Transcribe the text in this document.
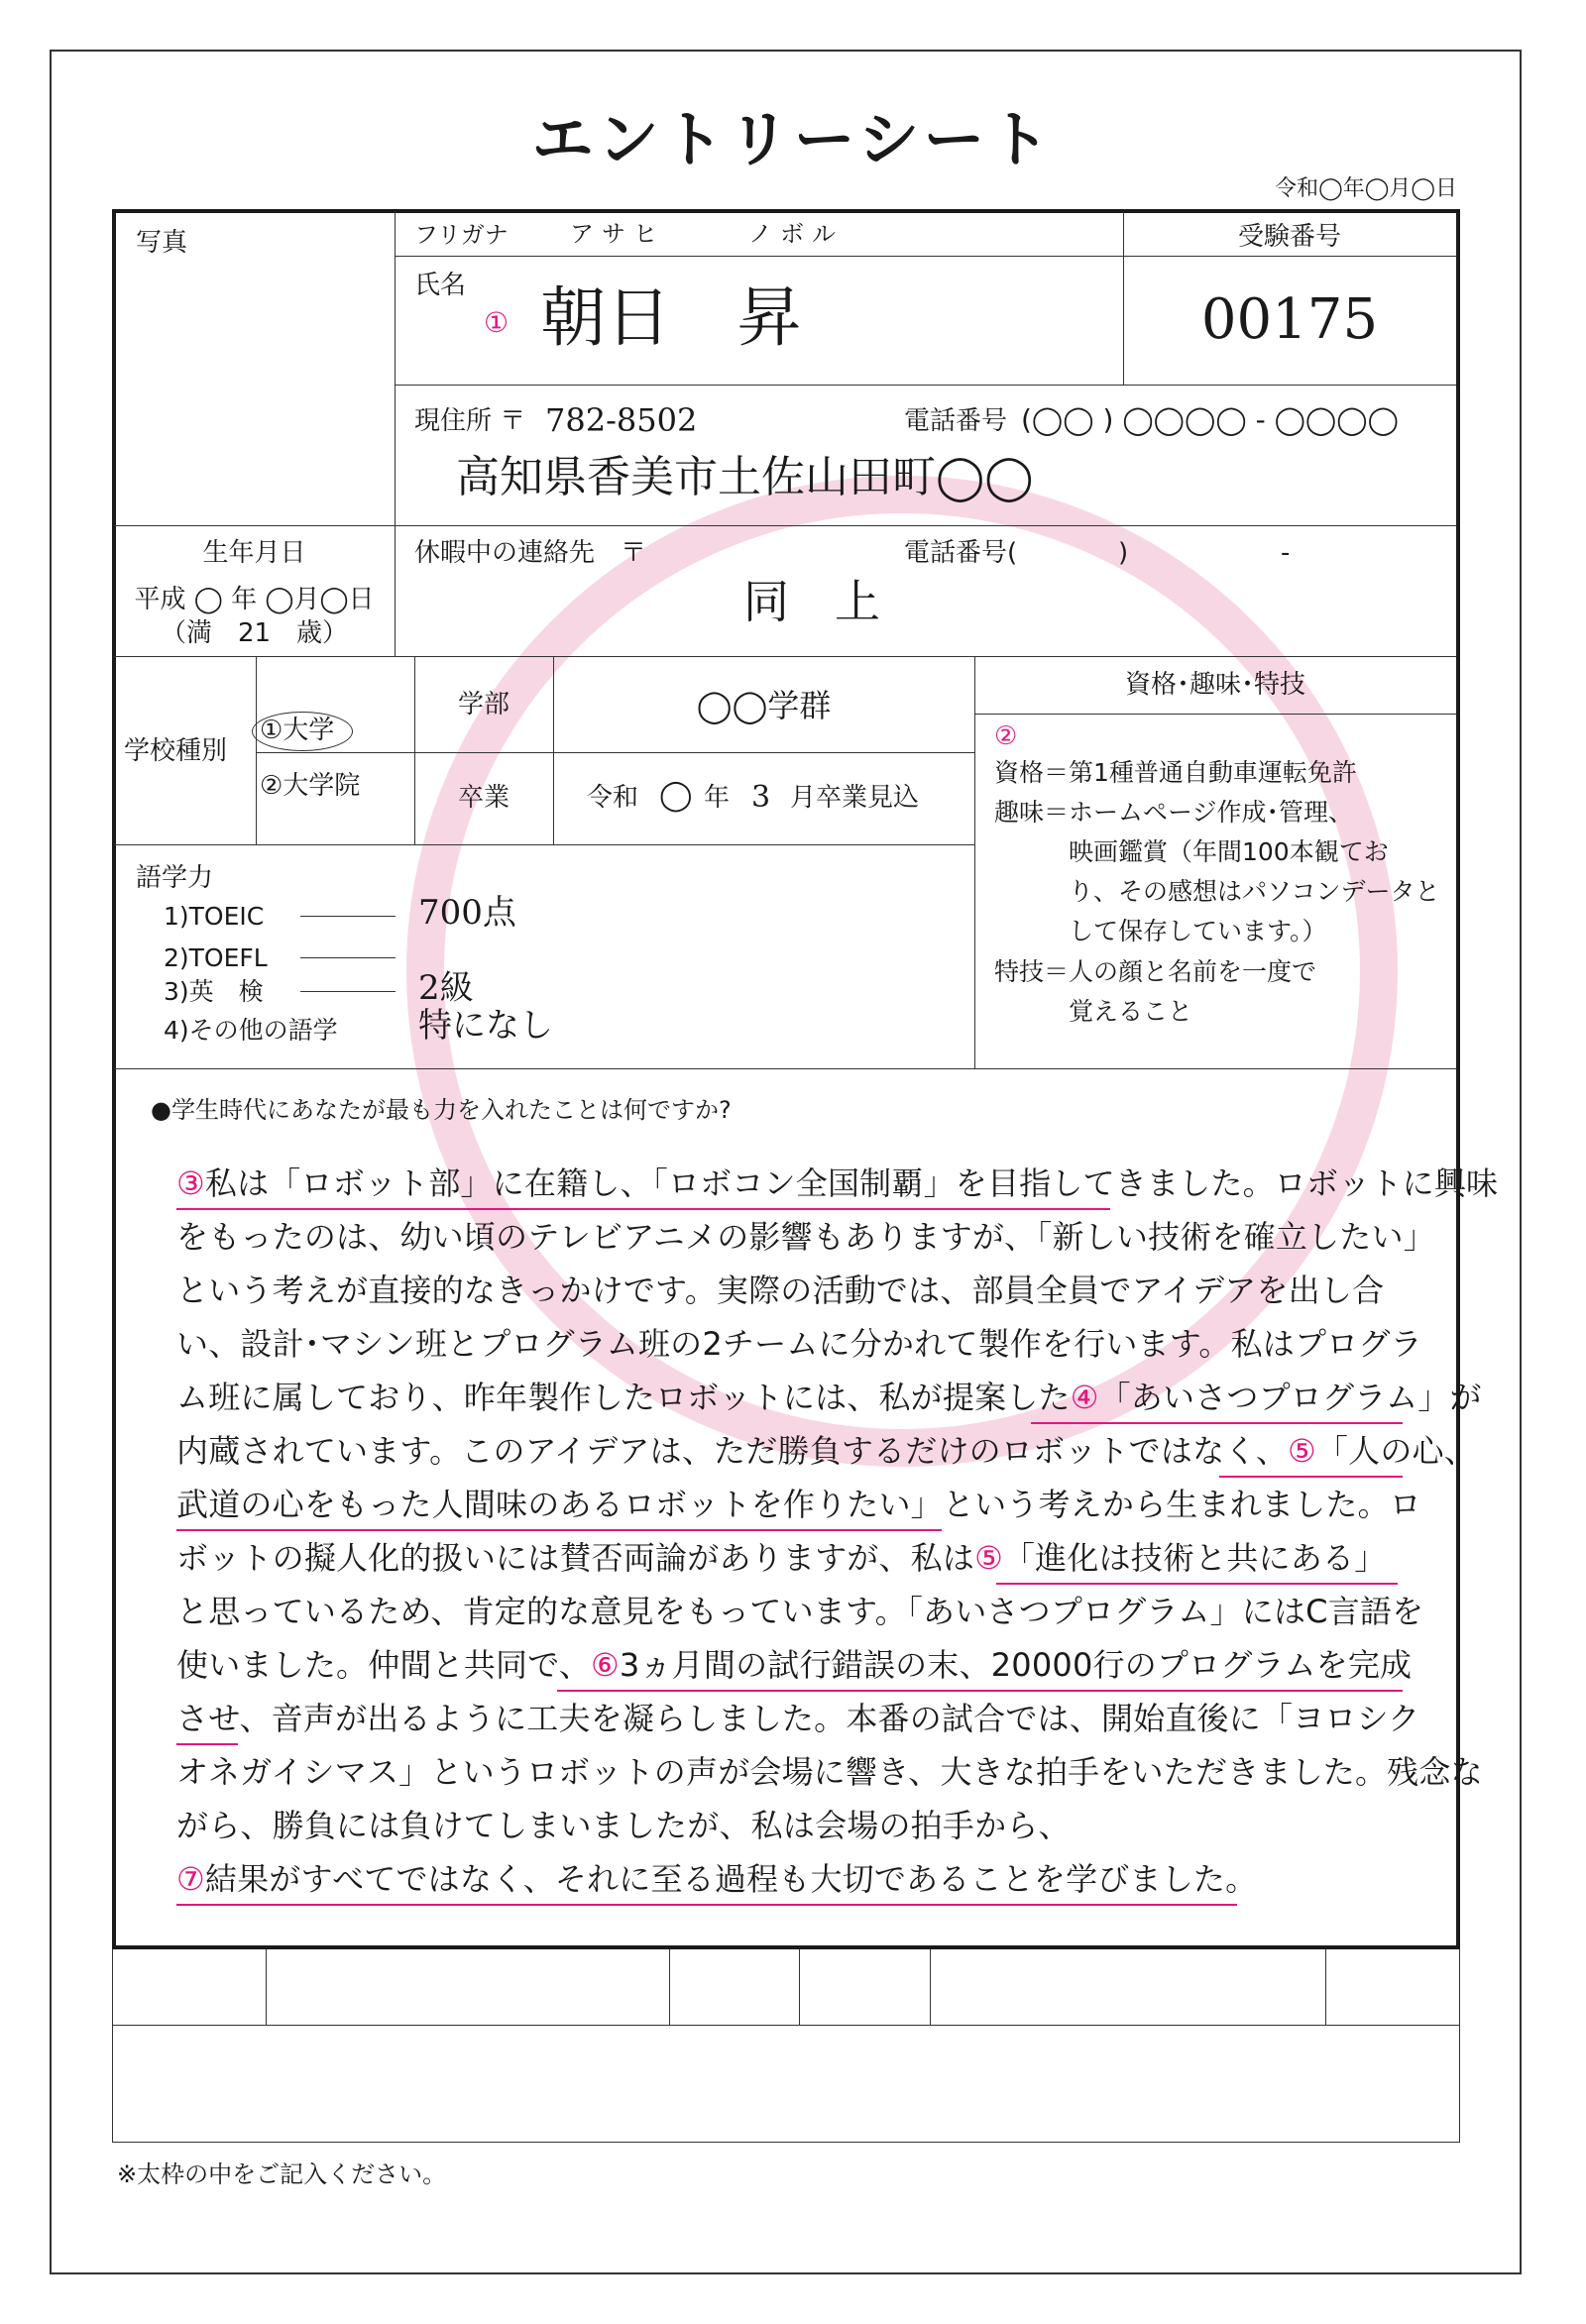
エントリーシート
令和◯年◯月◯日
写真	フリガナ	アサヒ	ノボル
氏名
① 朝日　昇
受験番号
00175
現住所 〒 782-8502	電話番号 (◯◯ ) ◯◯◯◯ - ◯◯◯◯
高知県香美市土佐山田町◯◯
生年月日
平成 ◯ 年 ◯月◯日
（満　21　歳）
休暇中の連絡先　〒	電話番号(	)	-
同　上
学校種別
①大学
②大学院
学部	◯◯学群
卒業	令和 ◯ 年 3 月卒業見込
資格･趣味･特技
②
資格＝第1種普通自動車運転免許
趣味＝ホームページ作成･管理、
　　　映画鑑賞（年間100本観てお
　　　り、その感想はパソコンデータと
　　　して保存しています。）
特技＝人の顔と名前を一度で
　　　覚えること
語学力
1)TOEIC	700点
2)TOEFL
3)英　検	2級
4)その他の語学 特になし
●学生時代にあなたが最も力を入れたことは何ですか?
③私は「ロボット部」に在籍し、「ロボコン全国制覇」を目指してきました。ロボットに興味
をもったのは、幼い頃のテレビアニメの影響もありますが、「新しい技術を確立したい」
という考えが直接的なきっかけです。実際の活動では、部員全員でアイデアを出し合
い、設計･マシン班とプログラム班の2チームに分かれて製作を行います。私はプログラ
ム班に属しており、昨年製作したロボットには、私が提案した④「あいさつプログラム」が
内蔵されています。このアイデアは、ただ勝負するだけのロボットではなく、⑤「人の心、
武道の心をもった人間味のあるロボットを作りたい」という考えから生まれました。ロ
ボットの擬人化的扱いには賛否両論がありますが、私は⑤「進化は技術と共にある」
と思っているため、肯定的な意見をもっています。「あいさつプログラム」にはC言語を
使いました。仲間と共同で、⑥3ヵ月間の試行錯誤の末、20000行のプログラムを完成
させ、音声が出るように工夫を凝らしました。本番の試合では、開始直後に「ヨロシク
オネガイシマス」というロボットの声が会場に響き、大きな拍手をいただきました。残念な
がら、勝負には負けてしまいましたが、私は会場の拍手から、
⑦結果がすべてではなく、それに至る過程も大切であることを学びました。
※太枠の中をご記入ください。
